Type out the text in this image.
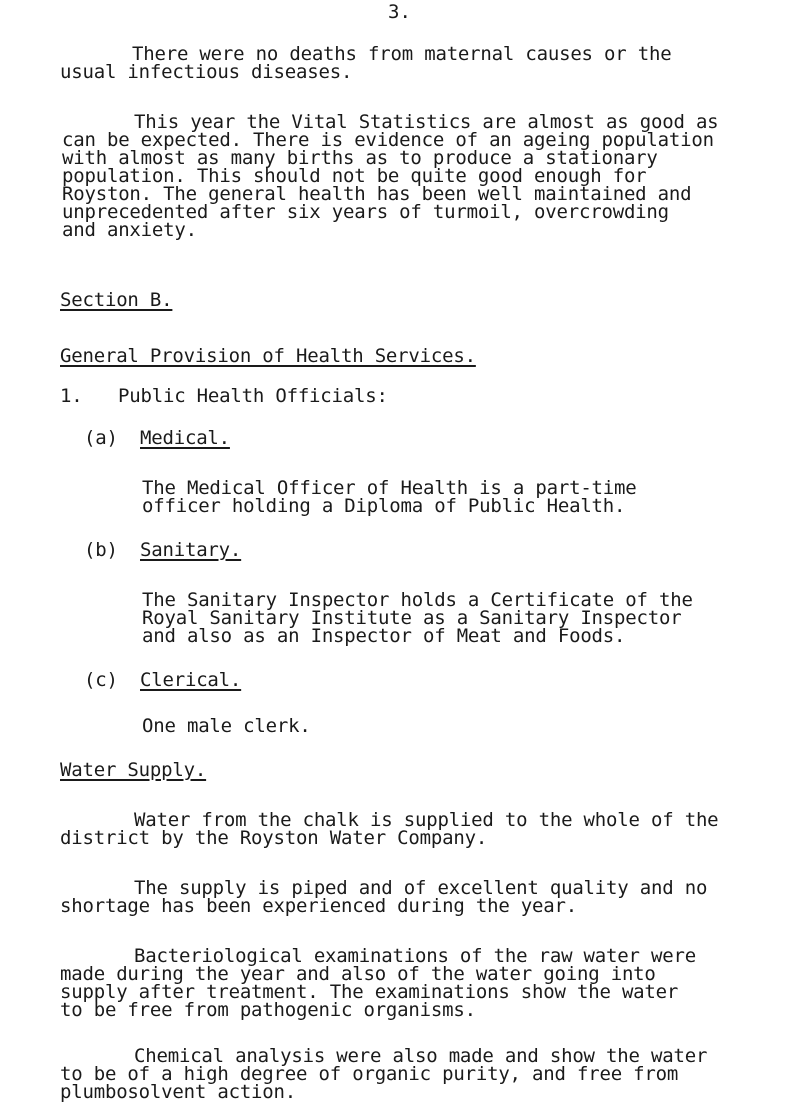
3.
There were no deaths from maternal causes or the
usual infectious diseases.
This year the Vital Statistics are almost as good as
can be expected. There is evidence of an ageing population
with almost as many births as to produce a stationary
population. This should not be quite good enough for
Royston. The general health has been well maintained and
unprecedented after six years of turmoil, overcrowding
and anxiety.
Section B.
General Provision of Health Services.
1. Public Health Officials:
(a) Medical.
The Medical Officer of Health is a part-time
officer holding a Diploma of Public Health.
(b) Sanitary.
The Sanitary Inspector holds a Certificate of the
Royal Sanitary Institute as a Sanitary Inspector
and also as an Inspector of Meat and Foods.
(c) Clerical.
One male clerk.
Water Supply.
Water from the chalk is supplied to the whole of the
district by the Royston Water Company.
The supply is piped and of excellent quality and no
shortage has been experienced during the year.
Bacteriological examinations of the raw water were
made during the year and also of the water going into
supply after treatment. The examinations show the water
to be free from pathogenic organisms.
Chemical analysis were also made and show the water
to be of a high degree of organic purity, and free from
plumbosolvent action.
